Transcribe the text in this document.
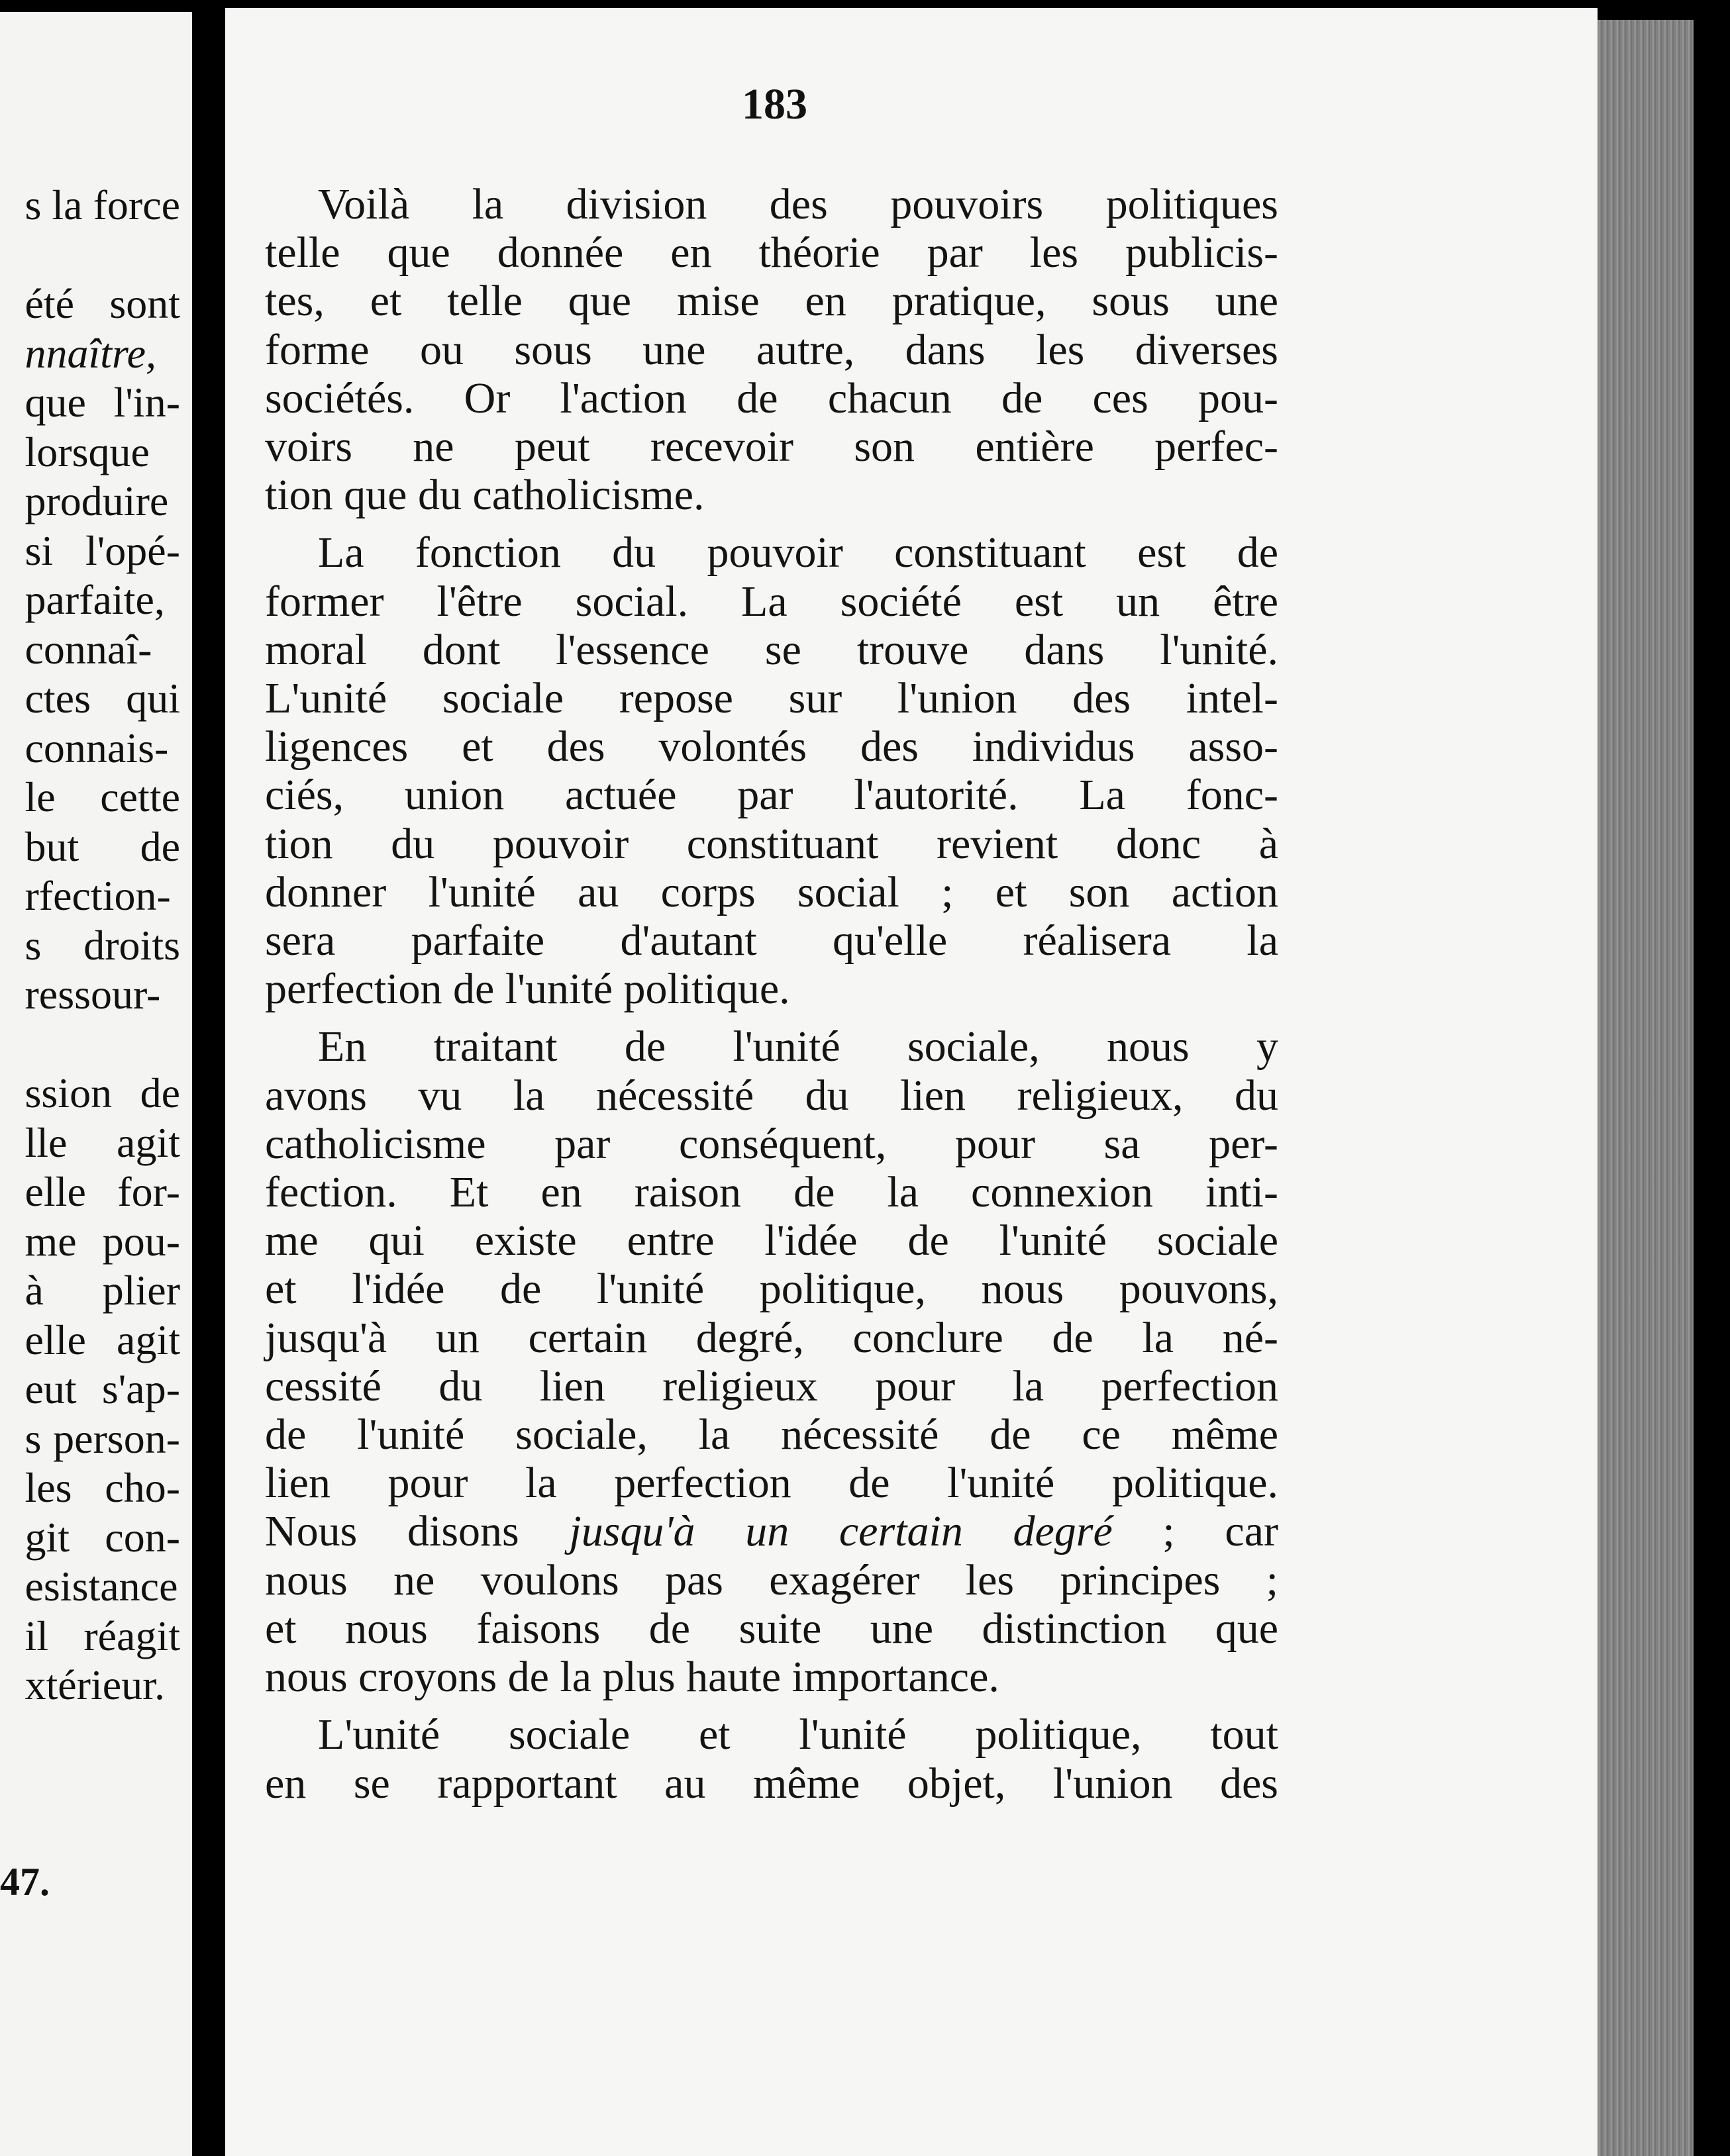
s la force
été sont
nnaître,
que l'in-
lorsque
produire
si l'opé-
parfaite,
connaî-
ctes qui
connais-
le cette
but de
rfection-
s droits
ressour-
ssion de
lle agit
elle for-
me pou-
à plier
elle agit
eut s'ap-
s person-
les cho-
git con-
esistance
il réagit
xtérieur.
47.
183
Voilà la division des pouvoirs politiques
telle que donnée en théorie par les publicis-
tes, et telle que mise en pratique, sous une
forme ou sous une autre, dans les diverses
sociétés. Or l'action de chacun de ces pou-
voirs ne peut recevoir son entière perfec-
tion que du catholicisme.
La fonction du pouvoir constituant est de
former l'être social. La société est un être
moral dont l'essence se trouve dans l'unité.
L'unité sociale repose sur l'union des intel-
ligences et des volontés des individus asso-
ciés, union actuée par l'autorité. La fonc-
tion du pouvoir constituant revient donc à
donner l'unité au corps social ; et son action
sera parfaite d'autant qu'elle réalisera la
perfection de l'unité politique.
En traitant de l'unité sociale, nous y
avons vu la nécessité du lien religieux, du
catholicisme par conséquent, pour sa per-
fection. Et en raison de la connexion inti-
me qui existe entre l'idée de l'unité sociale
et l'idée de l'unité politique, nous pouvons,
jusqu'à un certain degré, conclure de la né-
cessité du lien religieux pour la perfection
de l'unité sociale, la nécessité de ce même
lien pour la perfection de l'unité politique.
Nous disons jusqu'à un certain degré ; car
nous ne voulons pas exagérer les principes ;
et nous faisons de suite une distinction que
nous croyons de la plus haute importance.
L'unité sociale et l'unité politique, tout
en se rapportant au même objet, l'union des
